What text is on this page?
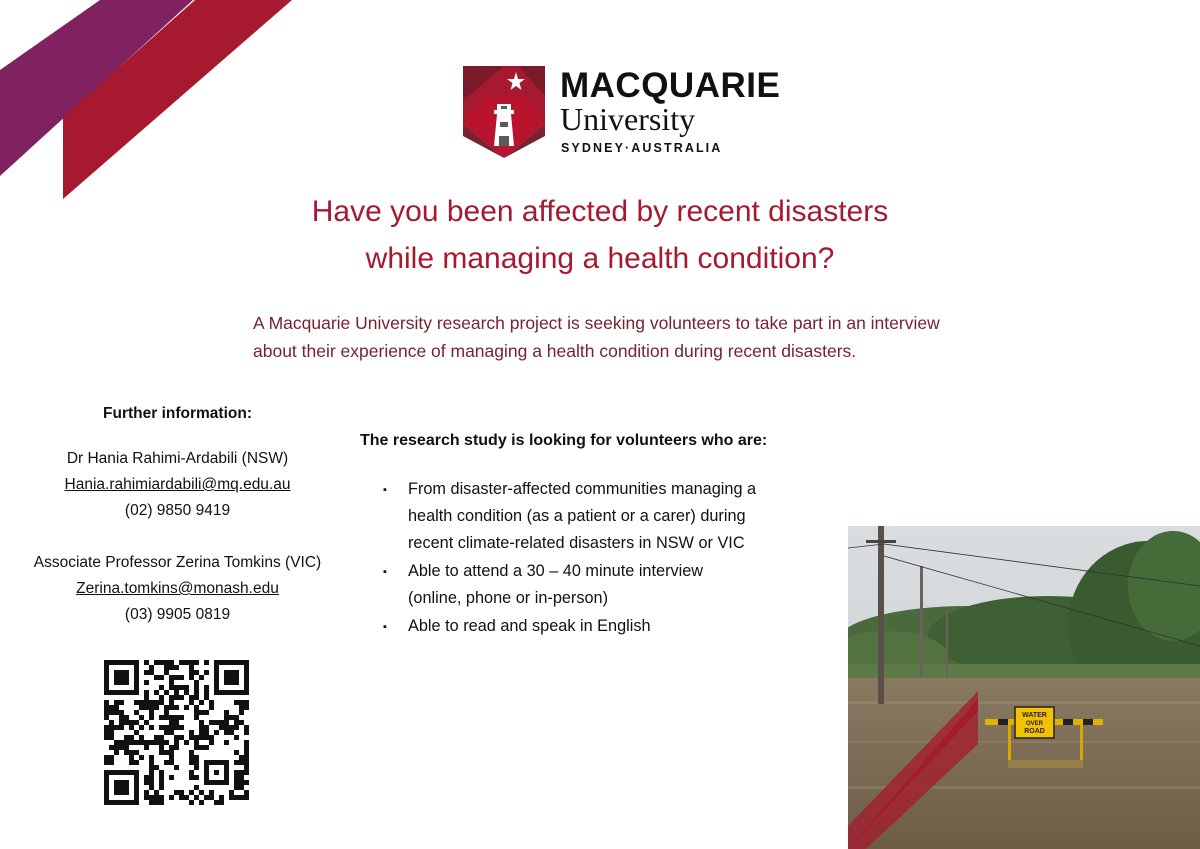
MACQUARIE
University
SYDNEY·AUSTRALIA
Have you been affected by recent disasters
while managing a health condition?
A Macquarie University research project is seeking volunteers to take part in an interview
about their experience of managing a health condition during recent disasters.
Further information:
Dr Hania Rahimi-Ardabili (NSW)
Hania.rahimiardabili@mq.edu.au
(02) 9850 9419
Associate Professor Zerina Tomkins (VIC)
Zerina.tomkins@monash.edu
(03) 9905 0819
The research study is looking for volunteers who are:
▪ From disaster-affected communities managing a
health condition (as a patient or a carer) during
recent climate-related disasters in NSW or VIC
▪ Able to attend a 30 – 40 minute interview
(online, phone or in-person)
▪ Able to read and speak in English
WATER
OVER
ROAD
